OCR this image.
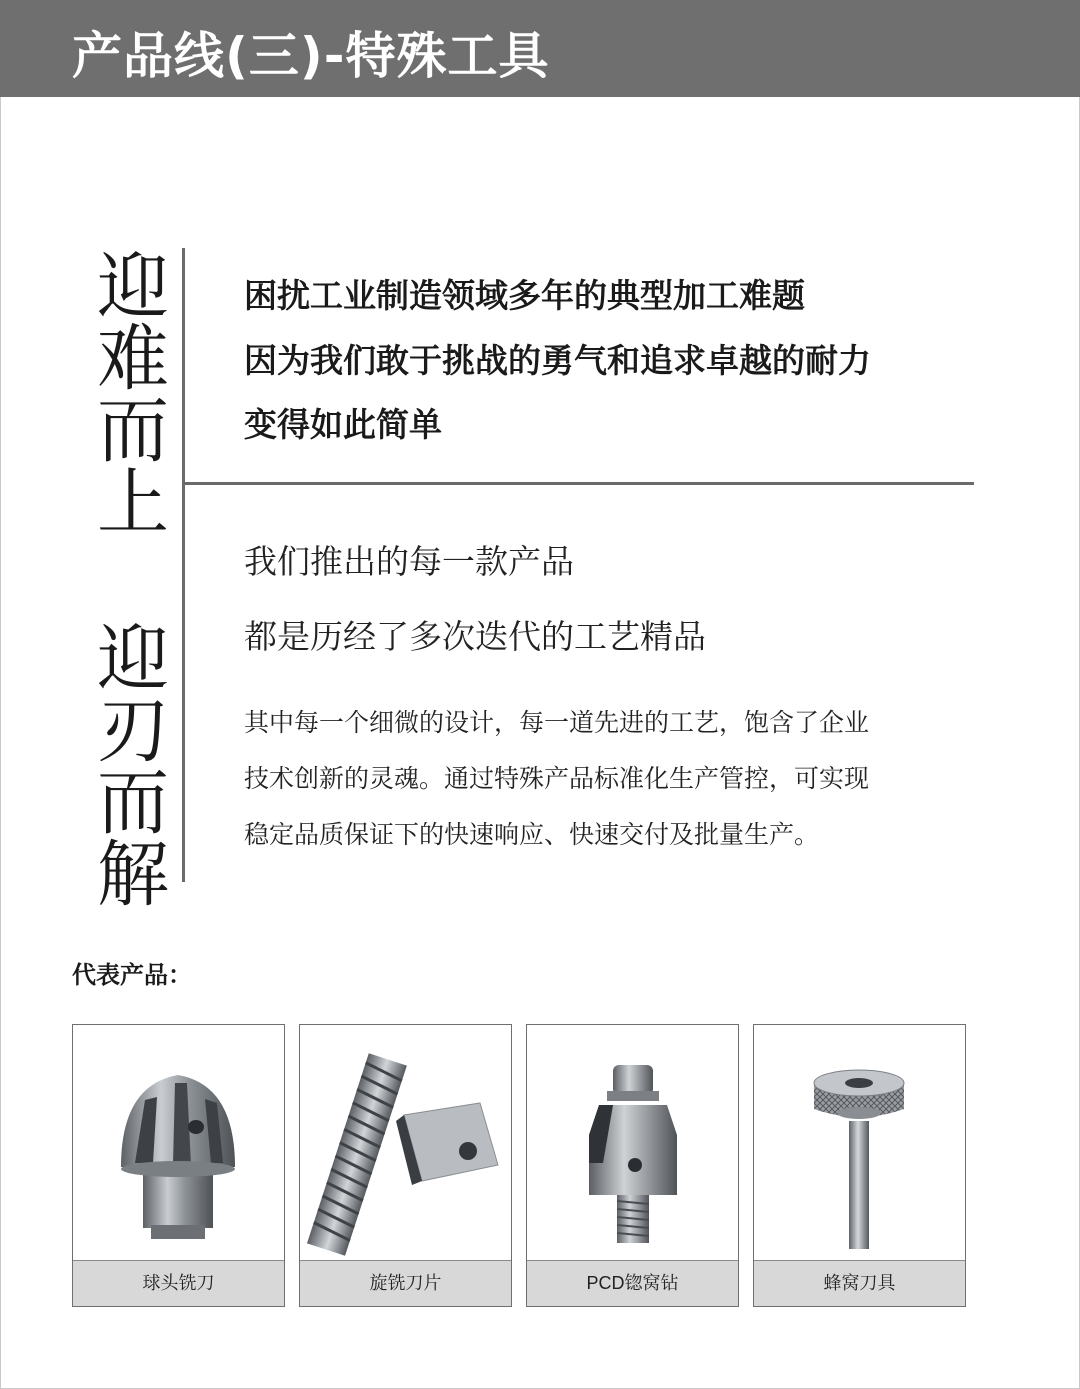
产品线(三)-特殊工具
迎难而上 迎刃而解 困扰工业制造领域多年的典型加工难题
因为我们敢于挑战的勇气和追求卓越的耐力
变得如此简单
我们推出的每一款产品
都是历经了多次迭代的工艺精品
其中每一个细微的设计，每一道先进的工艺，饱含了企业
技术创新的灵魂。通过特殊产品标准化生产管控，可实现
稳定品质保证下的快速响应、快速交付及批量生产。
代表产品：
球头铣刀	旋铣刀片	PCD锪窝钻	蜂窝刀具
